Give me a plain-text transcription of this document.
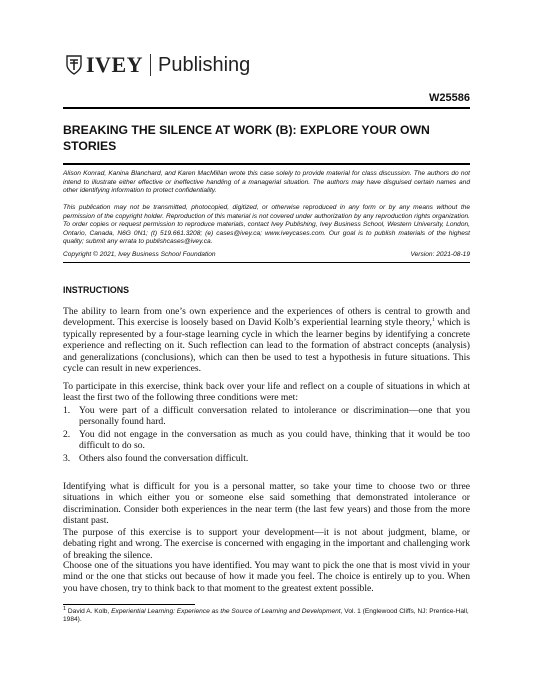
IVEY Publishing
W25586
BREAKING THE SILENCE AT WORK (B): EXPLORE YOUR OWN STORIES
Alison Konrad, Kanina Blanchard, and Karen MacMillan wrote this case solely to provide material for class discussion. The authors do not intend to illustrate either effective or ineffective handling of a managerial situation. The authors may have disguised certain names and other identifying information to protect confidentiality.
This publication may not be transmitted, photocopied, digitized, or otherwise reproduced in any form or by any means without the permission of the copyright holder. Reproduction of this material is not covered under authorization by any reproduction rights organization. To order copies or request permission to reproduce materials, contact Ivey Publishing, Ivey Business School, Western University, London, Ontario, Canada, N6G 0N1; (t) 519.661.3208; (e) cases@ivey.ca; www.iveycases.com. Our goal is to publish materials of the highest quality; submit any errata to publishcases@ivey.ca.
Copyright © 2021, Ivey Business School Foundation	Version: 2021-08-19
INSTRUCTIONS
The ability to learn from one’s own experience and the experiences of others is central to growth and development. This exercise is loosely based on David Kolb’s experiential learning style theory,$^1$ which is typically represented by a four-stage learning cycle in which the learner begins by identifying a concrete experience and reflecting on it. Such reflection can lead to the formation of abstract concepts (analysis) and generalizations (conclusions), which can then be used to test a hypothesis in future situations. This cycle can result in new experiences.
To participate in this exercise, think back over your life and reflect on a couple of situations in which at least the first two of the following three conditions were met:
1. You were part of a difficult conversation related to intolerance or discrimination—one that you personally found hard.
2. You did not engage in the conversation as much as you could have, thinking that it would be too difficult to do so.
3. Others also found the conversation difficult.
Identifying what is difficult for you is a personal matter, so take your time to choose two or three situations in which either you or someone else said something that demonstrated intolerance or discrimination. Consider both experiences in the near term (the last few years) and those from the more distant past.
The purpose of this exercise is to support your development—it is not about judgment, blame, or debating right and wrong. The exercise is concerned with engaging in the important and challenging work of breaking the silence.
Choose one of the situations you have identified. You may want to pick the one that is most vivid in your mind or the one that sticks out because of how it made you feel. The choice is entirely up to you. When you have chosen, try to think back to that moment to the greatest extent possible.
$^1$ David A. Kolb, Experiential Learning: Experience as the Source of Learning and Development, Vol. 1 (Englewood Cliffs, NJ: Prentice-Hall, 1984).
